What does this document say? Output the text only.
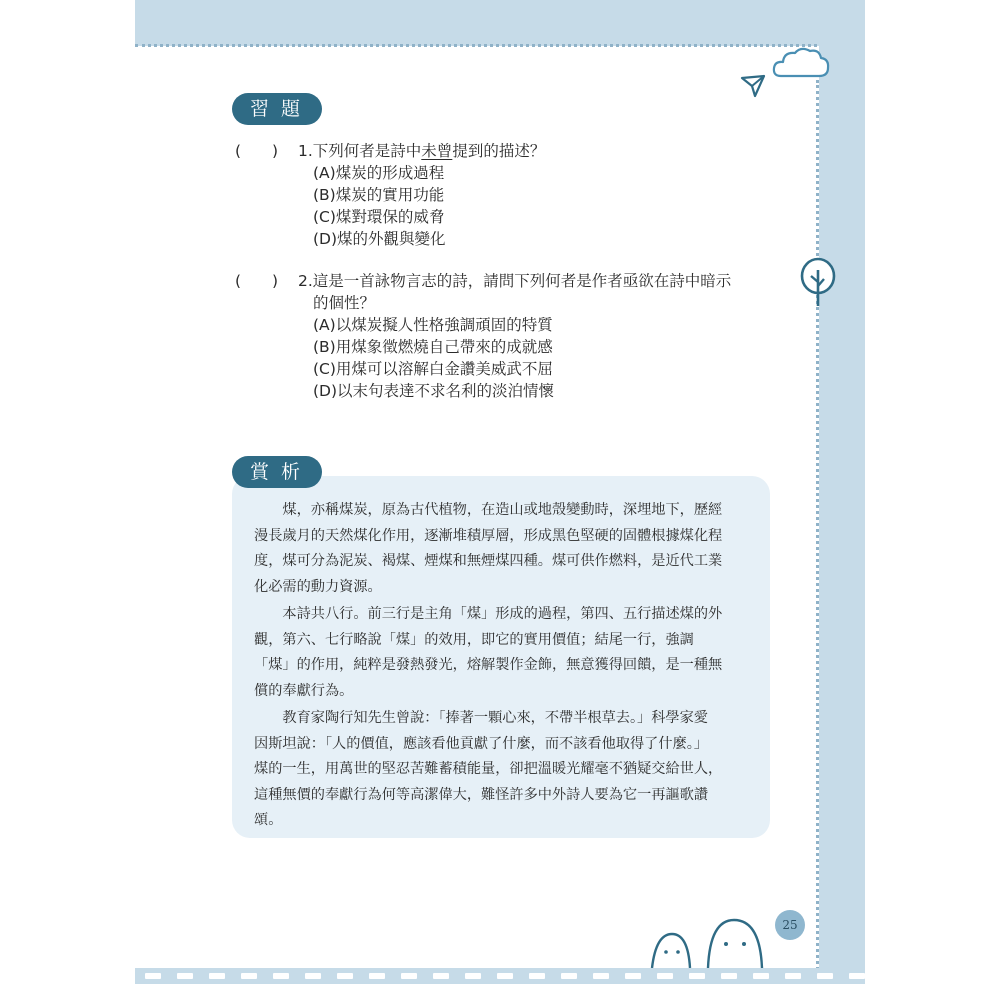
習題
(　　) 1.下列何者是詩中未曾提到的描述？
(A)煤炭的形成過程
(B)煤炭的實用功能
(C)煤對環保的威脅
(D)煤的外觀與變化
(　　) 2.這是一首詠物言志的詩，請問下列何者是作者亟欲在詩中暗示
的個性？
(A)以煤炭擬人性格強調頑固的特質
(B)用煤象徵燃燒自己帶來的成就感
(C)用煤可以溶解白金讚美威武不屈
(D)以末句表達不求名利的淡泊情懷
　　煤，亦稱煤炭，原為古代植物，在造山或地殼變動時，深埋地下，歷經
漫長歲月的天然煤化作用，逐漸堆積厚層，形成黑色堅硬的固體根據煤化程
度，煤可分為泥炭、褐煤、煙煤和無煙煤四種。煤可供作燃料，是近代工業
化必需的動力資源。
　　本詩共八行。前三行是主角「煤」形成的過程，第四、五行描述煤的外
觀，第六、七行略說「煤」的效用，即它的實用價值；結尾一行，強調
「煤」的作用，純粹是發熱發光，熔解製作金飾，無意獲得回饋，是一種無
償的奉獻行為。
　　教育家陶行知先生曾說：「捧著一顆心來，不帶半根草去。」科學家愛
因斯坦說：「人的價值，應該看他貢獻了什麼，而不該看他取得了什麼。」
煤的一生，用萬世的堅忍苦難蓄積能量，卻把溫暖光耀毫不猶疑交給世人，
這種無價的奉獻行為何等高潔偉大，難怪許多中外詩人要為它一再謳歌讚
頌。
賞析
25
